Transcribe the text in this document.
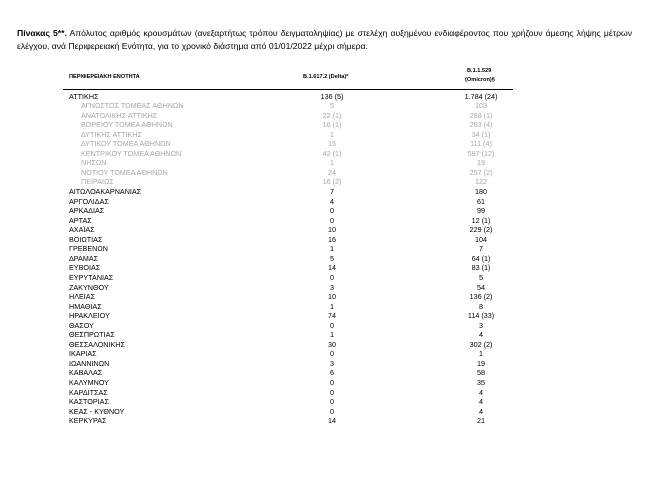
Πίνακας 5**. Απόλυτος αριθμός κρουσμάτων (ανεξαρτήτως τρόπου δειγματοληψίας) με στελέχη αυξημένου ενδιαφέροντος που χρήζουν άμεσης λήψης μέτρων ελέγχου, ανά Περιφερειακή Ενότητα, για το χρονικό διάστημα από 01/01/2022 μέχρι σήμερα.
ΠΕΡΙΦΕΡΕΙΑΚΗ ΕΝΟΤΗΤΑ	Β.1.617.2 (Delta)*
Β.1.1.529
(Omicron)§
ΑΤΤΙΚΗΣ	136 (5)	1.784 (24)
ΑΓΝΩΣΤΟΣ ΤΟΜΕΑΣ ΑΘΗΝΩΝ	5	103
ΑΝΑΤΟΛΙΚΗΣ ΑΤΤΙΚΗΣ	22 (1)	288 (1)
ΒΟΡΕΙΟΥ ΤΟΜΕΑ ΑΘΗΝΩΝ	10 (1)	253 (4)
ΔΥΤΙΚΗΣ ΑΤΤΙΚΗΣ	1	34 (1)
ΔΥΤΙΚΟΥ ΤΟΜΕΑ ΑΘΗΝΩΝ	15	111 (4)
ΚΕΝΤΡΙΚΟΥ ΤΟΜΕΑ ΑΘΗΝΩΝ	42 (1)	597 (12)
ΝΗΣΩΝ	1	19
ΝΟΤΙΟΥ ΤΟΜΕΑ ΑΘΗΝΩΝ	24	257 (2)
ΠΕΙΡΑΙΩΣ	16 (2)	122
ΑΙΤΩΛΟΑΚΑΡΝΑΝΙΑΣ	7	180
ΑΡΓΟΛΙΔΑΣ	4	61
ΑΡΚΑΔΙΑΣ	0	99
ΑΡΤΑΣ	0	12 (1)
ΑΧΑΪΑΣ	10	229 (2)
ΒΟΙΩΤΙΑΣ	16	104
ΓΡΕΒΕΝΩΝ	1	7
ΔΡΑΜΑΣ	5	64 (1)
ΕΥΒΟΙΑΣ	14	83 (1)
ΕΥΡΥΤΑΝΙΑΣ	0	5
ΖΑΚΥΝΘΟΥ	3	54
ΗΛΕΙΑΣ	10	136 (2)
ΗΜΑΘΙΑΣ	1	8
ΗΡΑΚΛΕΙΟΥ	74	114 (33)
ΘΑΣΟΥ	0	3
ΘΕΣΠΡΩΤΙΑΣ	1	4
ΘΕΣΣΑΛΟΝΙΚΗΣ	30	302 (2)
ΙΚΑΡΙΑΣ	0	1
ΙΩΑΝΝΙΝΩΝ	3	19
ΚΑΒΑΛΑΣ	6	58
ΚΑΛΥΜΝΟΥ	0	35
ΚΑΡΔΙΤΣΑΣ	0	4
ΚΑΣΤΟΡΙΑΣ	0	4
ΚΕΑΣ - ΚΥΘΝΟΥ	0	4
ΚΕΡΚΥΡΑΣ	14	21
